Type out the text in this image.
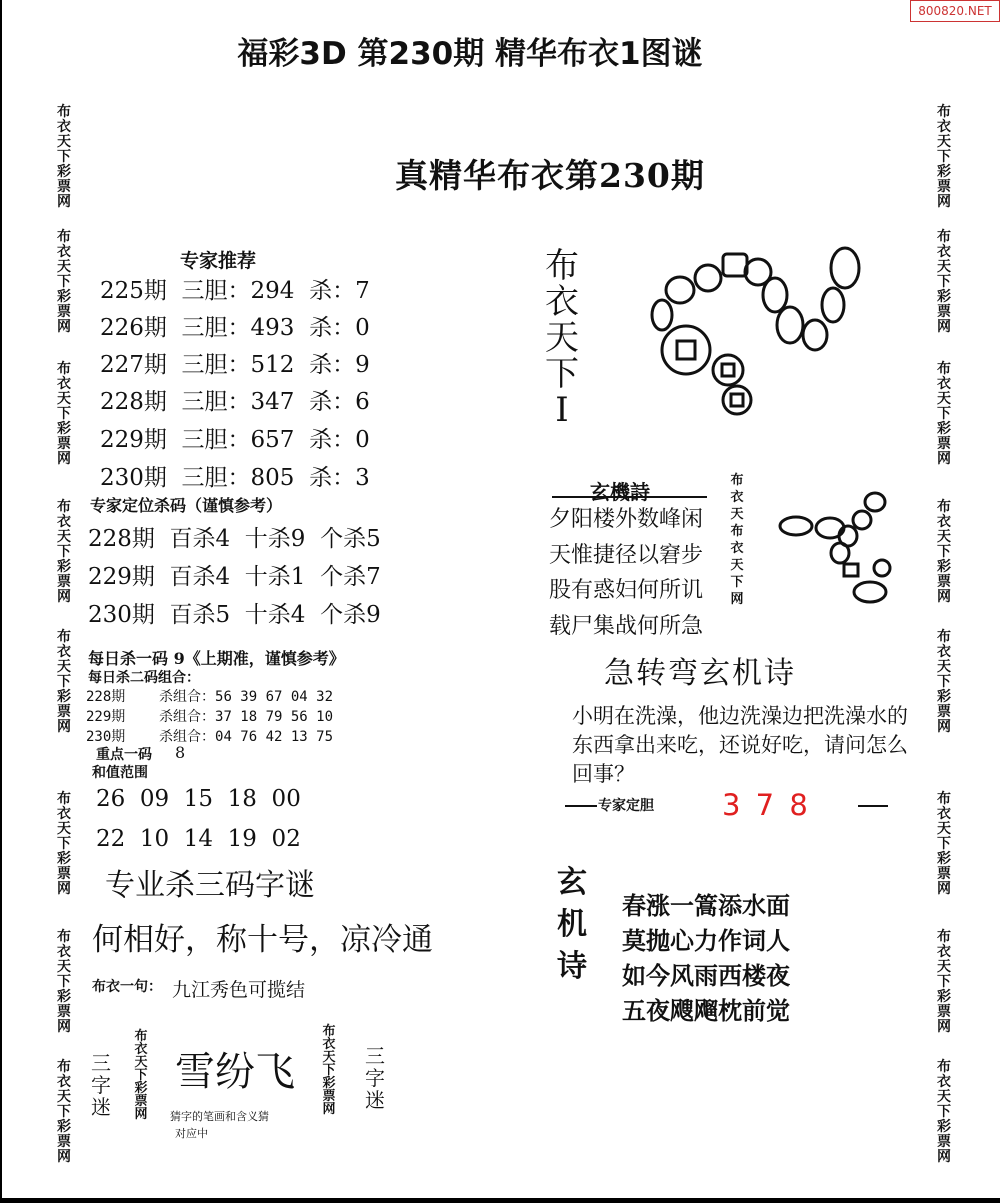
800820.NET
福彩3D 第230期 精华布衣1图谜
布
衣
天
下
彩
票
网
布
衣
天
下
彩
票
网
布
衣
天
下
彩
票
网
布
衣
天
下
彩
票
网
布
衣
天
下
彩
票
网
布
衣
天
下
彩
票
网
布
衣
天
下
彩
票
网
布
衣
天
下
彩
票
网
布
衣
天
下
彩
票
网
布
衣
天
下
彩
票
网
布
衣
天
下
彩
票
网
布
衣
天
下
彩
票
网
布
衣
天
下
彩
票
网
布
衣
天
下
彩
票
网
布
衣
天
下
彩
票
网
布
衣
天
下
彩
票
网
真精华布衣第230期
专家推荐
225期 三胆：294 杀：7
226期 三胆：493 杀：0
227期 三胆：512 杀：9
228期 三胆：347 杀：6
229期 三胆：657 杀：0
230期 三胆：805 杀：3
专家定位杀码（谨慎参考）
228期 百杀4 十杀9 个杀5
229期 百杀4 十杀1 个杀7
230期 百杀5 十杀4 个杀9
每日杀一码 9《上期准，谨慎参考》
每日杀二码组合：
228期 杀组合：56 39 67 04 32
229期 杀组合：37 18 79 56 10
230期 杀组合：04 76 42 13 75
重点一码 8
和值范围
26  09  15  18  00
22  10  14  19  02
专业杀三码字谜
何相好，称十号，凉冷通
布衣一句： 九江秀色可揽结
三
字
迷
布
衣
天
下
彩
票
网
雪纷飞
猜字的笔画和含义猜
对应中
布
衣
天
下
彩
票
网
三
字
迷
布
衣
天
下
I
玄機詩
夕阳楼外数峰闲
天惟捷径以窘步
股有惑妇何所讥
载尸集战何所急
布
衣
天
布
衣
天
下
网
急转弯玄机诗
小明在洗澡，他边洗澡边把洗澡水的东西拿出来吃，还说好吃，请问怎么回事？
专家定胆 3 7 8
玄
机
诗
春涨一篙添水面
莫抛心力作词人
如今风雨西楼夜
五夜飕飗枕前觉
